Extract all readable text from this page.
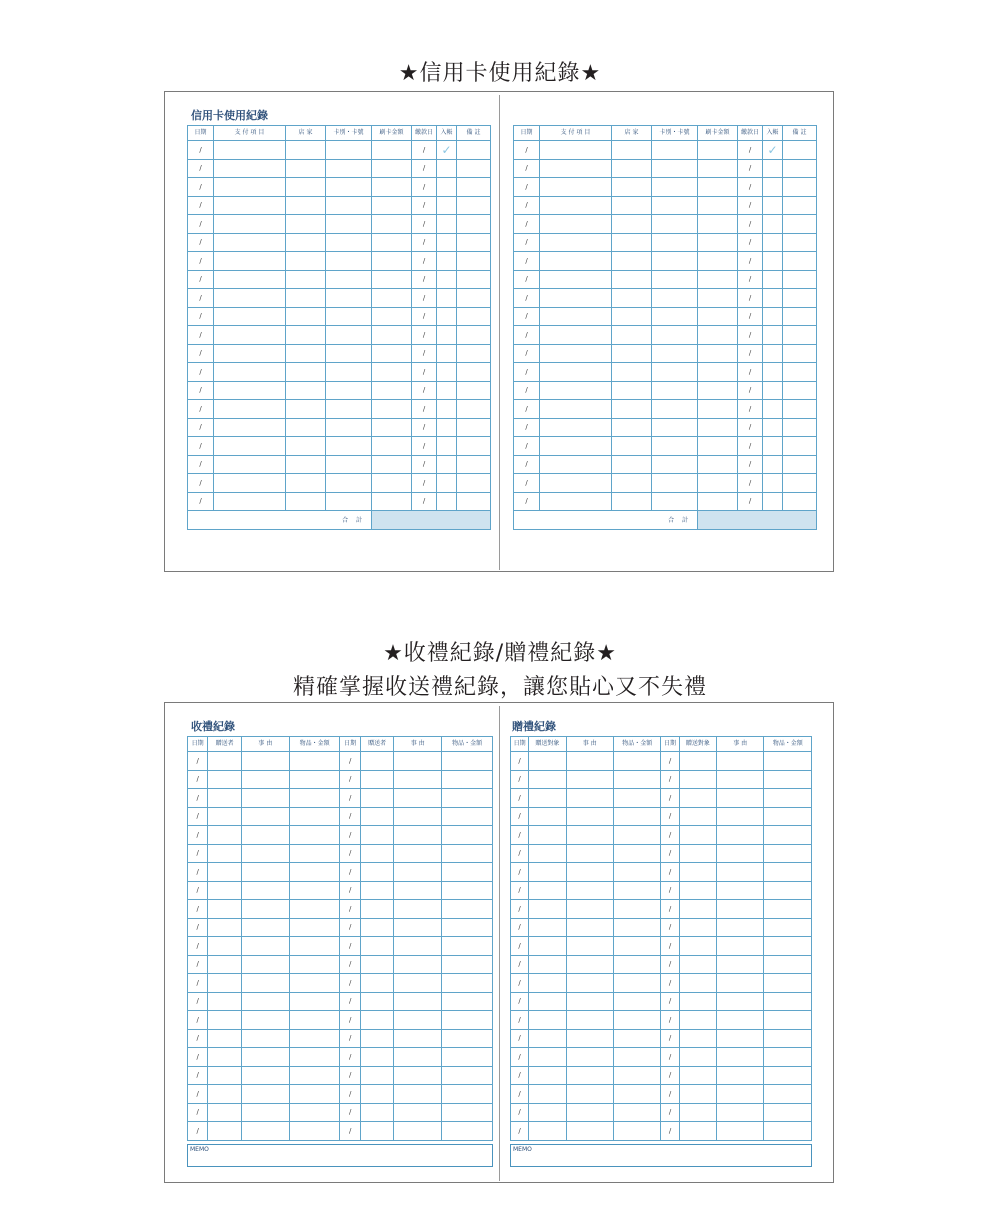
★信用卡使用紀錄★
信用卡使用紀錄
日期	支 付 項 目	店 家	卡別・卡號	刷卡金額	繳款日	入帳	備 註		日期	支 付 項 目	店 家	卡別・卡號	刷卡金額	繳款日	入帳	備 註
/					/	✓			/					/	✓	
/					/				/					/		
/					/				/					/		
/					/				/					/		
/					/				/					/		
/					/				/					/		
/					/				/					/		
/					/				/					/		
/					/				/					/		
/					/				/					/		
/					/				/					/		
/					/				/					/		
/					/				/					/		
/					/				/					/		
/					/				/					/		
/					/				/					/		
/					/				/					/		
/					/				/					/		
/					/				/					/		
/					/				/					/		
合 計									合 計							
★收禮紀錄/贈禮紀錄★
精確掌握收送禮紀錄，讓您貼心又不失禮
收禮紀錄	贈禮紀錄
日期	贈送者	事 由	物品・金額	日期	贈送者	事 由	物品・金額
/				/			
/				/			
/				/			
/				/			
/				/			
/				/			
/				/			
/				/			
/				/			
/				/			
/				/			
/				/			
/				/			
/				/			
/				/			
/				/			
/				/			
/				/			
/				/			
/				/			
/				/			
日期	贈送對象	事 由	物品・金額	日期	贈送對象	事 由	物品・金額
/				/			
/				/			
/				/			
/				/			
/				/			
/				/			
/				/			
/				/			
/				/			
/				/			
/				/			
/				/			
/				/			
/				/			
/				/			
/				/			
/				/			
/				/			
/				/			
/				/			
/				/			
MEMO	MEMO
